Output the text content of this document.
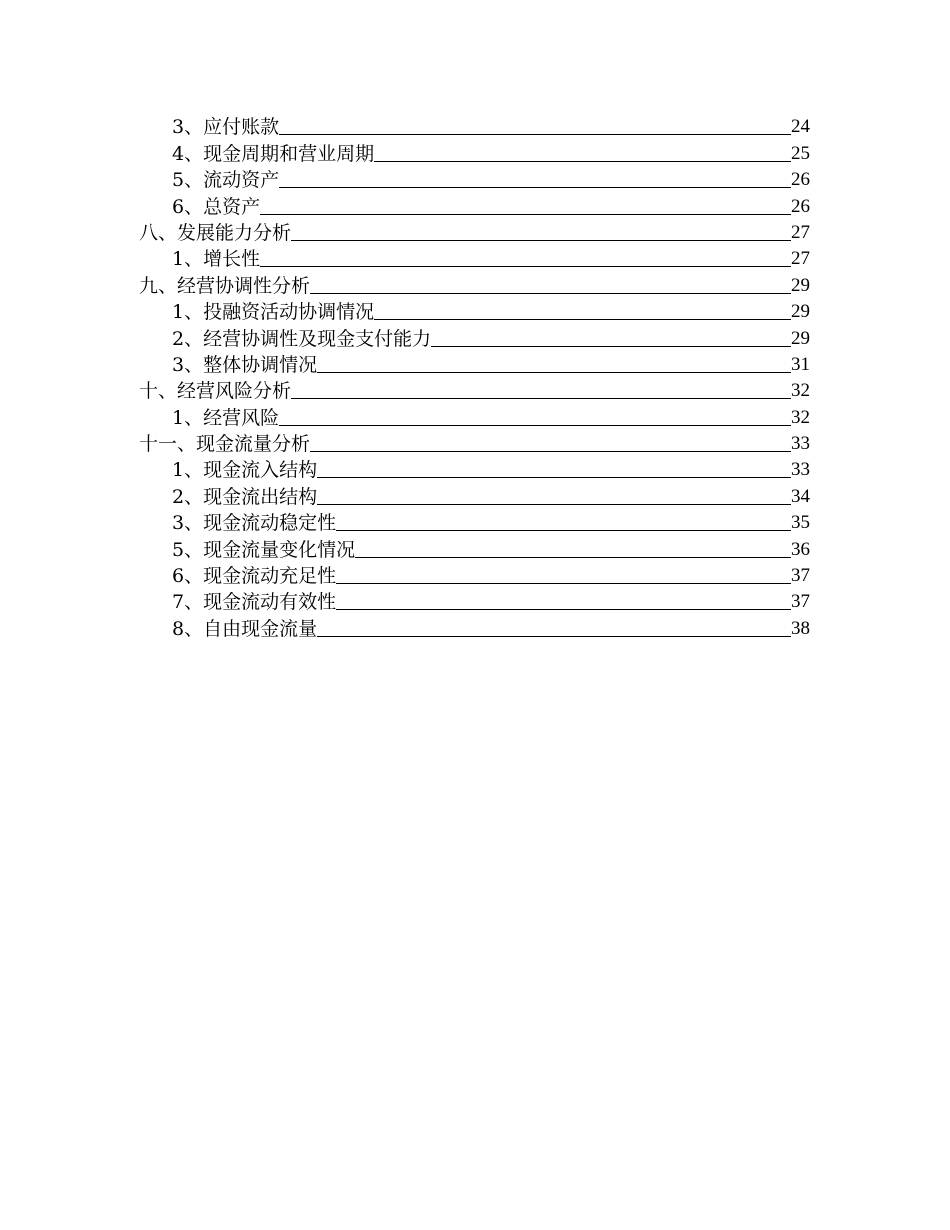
3、应付账款	24
4、现金周期和营业周期	25
5、流动资产	26
6、总资产	26
八、发展能力分析	27
1、增长性	27
九、经营协调性分析	29
1、投融资活动协调情况	29
2、经营协调性及现金支付能力	29
3、整体协调情况	31
十、经营风险分析	32
1、经营风险	32
十一、现金流量分析	33
1、现金流入结构	33
2、现金流出结构	34
3、现金流动稳定性	35
5、现金流量变化情况	36
6、现金流动充足性	37
7、现金流动有效性	37
8、自由现金流量	38
